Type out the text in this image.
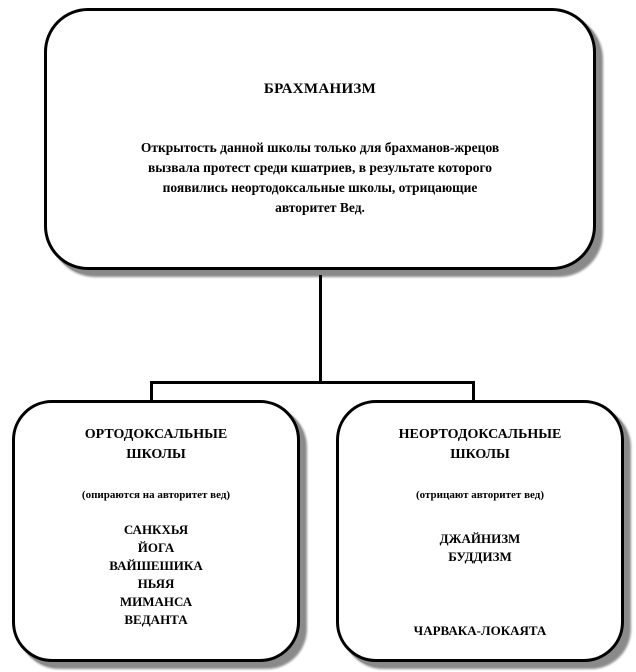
БРАХМАНИЗМ
Открытость данной школы только для брахманов-жрецов
вызвала протест среди кшатриев, в результате которого
появились неортодоксальные школы, отрицающие
авторитет Вед.
ОРТОДОКСАЛЬНЫЕ
ШКОЛЫ
(опираются на авторитет вед)
САНКХЬЯ
ЙОГА
ВАЙШЕШИКА
НЬЯЯ
МИМАНСА
ВЕДАНТА
НЕОРТОДОКСАЛЬНЫЕ
ШКОЛЫ
(отрицают авторитет вед)
ДЖАЙНИЗМ
БУДДИЗМ
ЧАРВАКА-ЛОКАЯТА
